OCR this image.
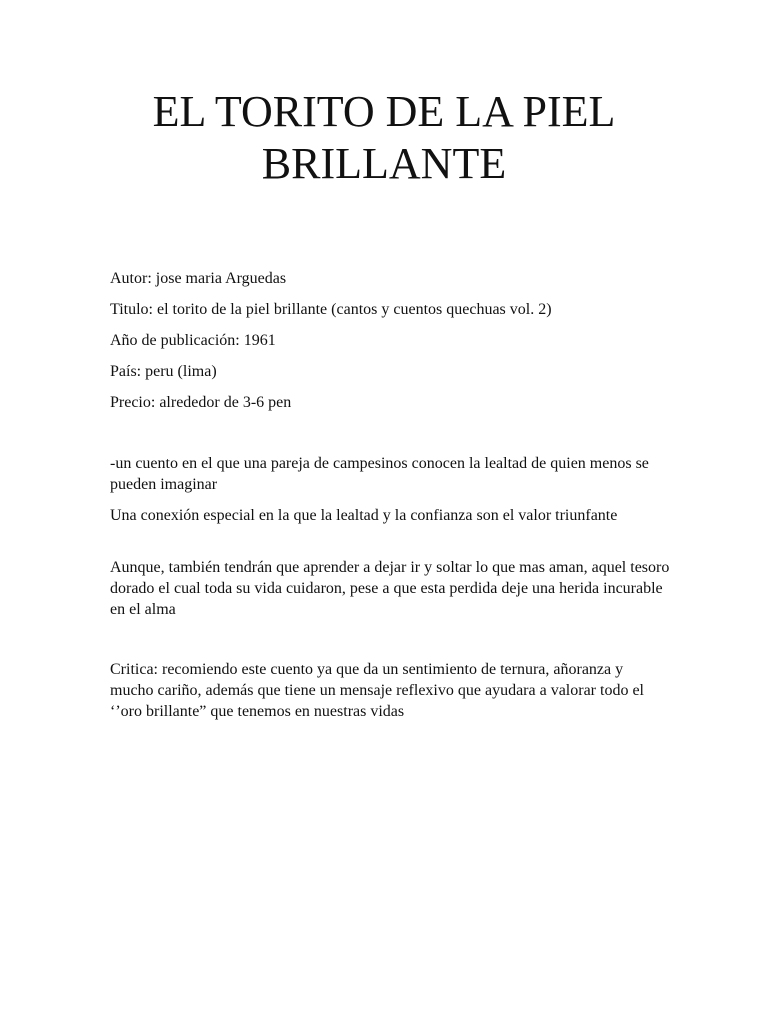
EL TORITO DE LA PIEL BRILLANTE

Autor: jose maria Arguedas

Titulo: el torito de la piel brillante (cantos y cuentos quechuas vol. 2)

Año de publicación: 1961

País: peru (lima)

Precio: alrededor de 3-6 pen

-un cuento en el que una pareja de campesinos conocen la lealtad de quien menos se pueden imaginar

Una conexión especial en la que la lealtad y la confianza son el valor triunfante

Aunque, también tendrán que aprender a dejar ir y soltar lo que mas aman, aquel tesoro dorado el cual toda su vida cuidaron, pese a que esta perdida deje una herida incurable en el alma

Critica: recomiendo este cuento ya que da un sentimiento de ternura, añoranza y mucho cariño, además que tiene un mensaje reflexivo que ayudara a valorar todo el ‘’oro brillante” que tenemos en nuestras vidas
